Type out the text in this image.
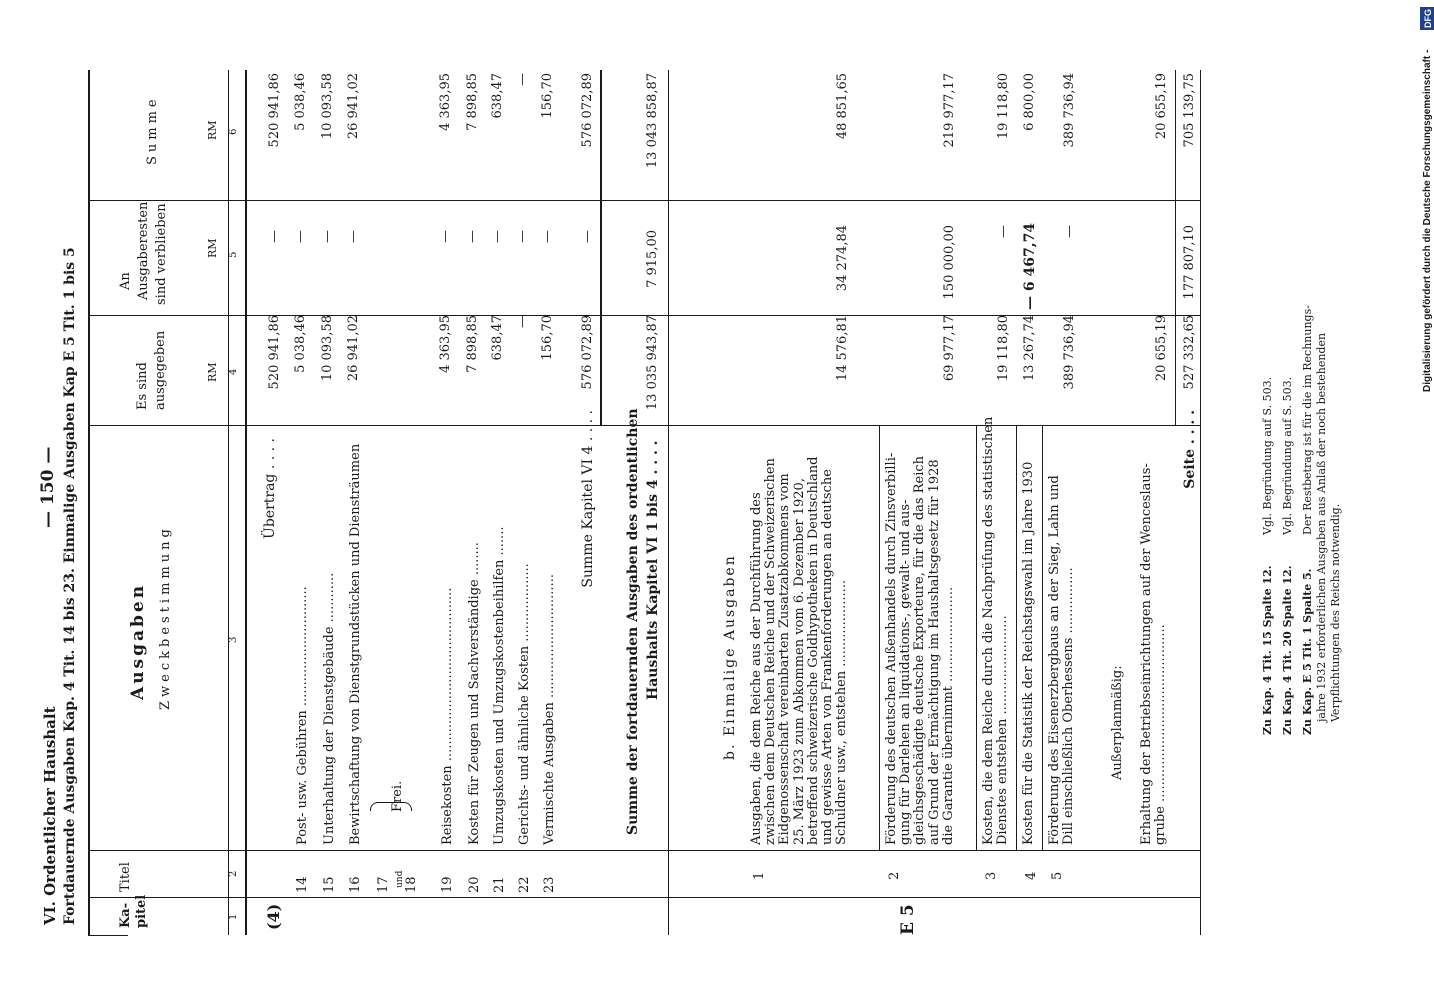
VI. Ordentlicher Haushalt Fortdauernde Ausgaben Kap. 4 Tit. 14 bis 23. Einmalige Ausgaben Kap E 5 Tit. 1 bis 5
— 150 —
Ka- pitel
Titel
Ausgaben Zweckbestimmung
Es sind ausgegeben
An Ausgaberesten sind verblieben
Summe
RM
RM
RM
1
2
3
4
5
6
(4)
Übertrag . . . .
520 941,86
—
520 941,86
14
Post- usw. Gebühren .............................
5 038,46
—
5 038,46
15
Unterhaltung der Dienstgebäude ............
10 093,58
—
10 093,58
16
Bewirtschaftung von Dienstgrundstücken und Diensträumen
26 941,02
—
26 941,02
17 und 18
Frei.
19
Reisekosten ..........................................
4 363,95
—
4 363,95
20
Kosten für Zeugen und Sachverständige ........
7 898,85
—
7 898,85
21
Umzugskosten und Umzugskostenbeihilfen .......
638,47
—
638,47
22
Gerichts- und ähnliche Kosten ...................
—
—
—
23
Vermischte Ausgaben ..............................
156,70
—
156,70
Summe Kapitel VI 4 . . . .
576 072,89
—
576 072,89
Summe der fortdauernden Ausgaben des ordentlichen Haushalts Kapitel VI 1 bis 4 . . . .
13 035 943,87
7 915,00
13 043 858,87
b. Einmalige Ausgaben
E 5
1
Ausgaben, die dem Reiche aus der Durchführung des zwischen dem Deutschen Reiche und der Schweizerischen Eidgenossenschaft vereinbarten Zusatzabkommens vom 25. März 1923 zum Abkommen vom 6. Dezember 1920, betreffend schweizerische Goldhypotheken in Deutschland und gewisse Arten von Frankenforderungen an deutsche Schuldner usw., entstehen .....................
14 576,81
34 274,84
48 851,65
2
Förderung des deutschen Außenhandels durch Zinsverbilli- gung für Darlehen an liquidations-, gewalt- und aus- gleichsgeschädigte deutsche Exporteure, für die das Reich auf Grund der Ermächtigung im Haushaltsgesetz für 1928 die Garantie übernimmt .......................
69 977,17
150 000,00
219 977,17
3
Kosten, die dem Reiche durch die Nachprüfung des statistischen Dienstes entstehen ........................
19 118,80
—
19 118,80
4
Kosten für die Statistik der Reichstagswahl im Jahre 1930
13 267,74
— 6 467,74
6 800,00
5
Förderung des Eisenerzbergbaus an der Sieg, Lahn und Dill einschließlich Oberhessens ................
389 736,94
—
389 736,94
Außerplanmäßig: Erhaltung der Betriebseinrichtungen auf der Wenceslaus- grube ...........................................
20 655,19
20 655,19
Seite . . . .
527 332,65
177 807,10
705 139,75
Zu Kap. 4 Tit. 15 Spalte 12.
Vgl. Begründung auf S. 503.
Zu Kap. 4 Tit. 20 Spalte 12.
Vgl. Begründung auf S. 503.
Zu Kap. E 5 Tit. 1 Spalte 5.
Der Restbetrag ist für die im Rechnungs- jahre 1932 erforderlichen Ausgaben aus Anlaß der noch bestehenden Verpflichtungen des Reichs notwendig.
Digitalisierung gefördert durch die Deutsche Forschungsgemeinschaft -
DFG
